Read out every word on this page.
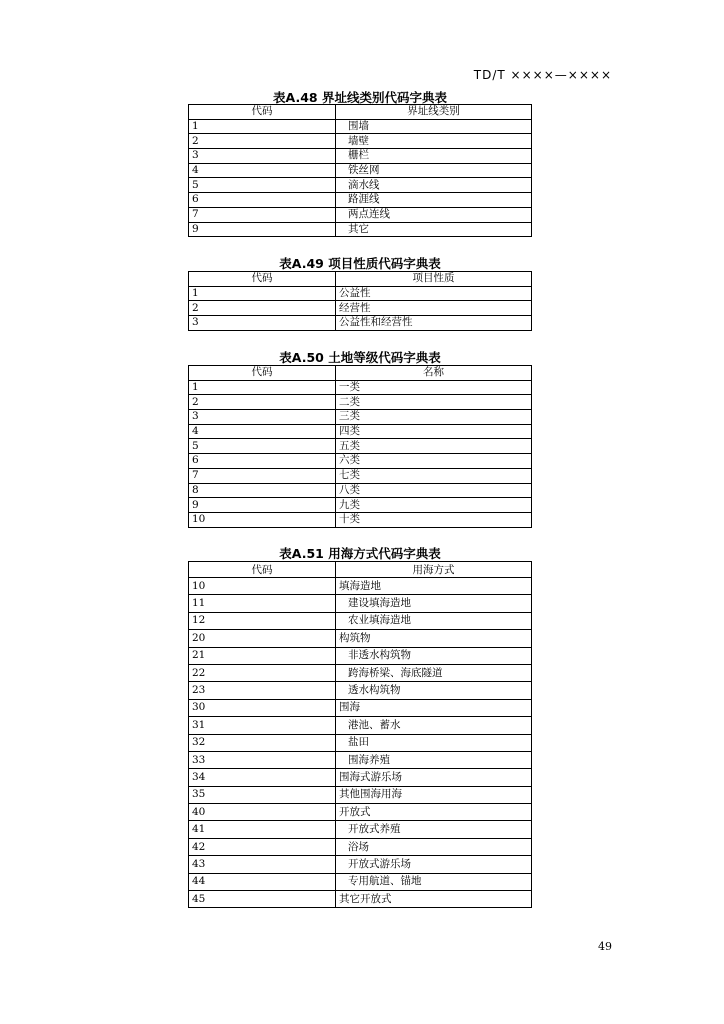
TD/T ××××—××××
表A.48 界址线类别代码字典表
代码	界址线类别
1	围墙
2	墙壁
3	栅栏
4	铁丝网
5	滴水线
6	路涯线
7	两点连线
9	其它
表A.49 项目性质代码字典表
代码	项目性质
1	公益性
2	经营性
3	公益性和经营性
表A.50 土地等级代码字典表
代码	名称
1	一类
2	二类
3	三类
4	四类
5	五类
6	六类
7	七类
8	八类
9	九类
10	十类
表A.51 用海方式代码字典表
代码	用海方式
10	填海造地
11	建设填海造地
12	农业填海造地
20	构筑物
21	非透水构筑物
22	跨海桥梁、海底隧道
23	透水构筑物
30	围海
31	港池、蓄水
32	盐田
33	围海养殖
34	围海式游乐场
35	其他围海用海
40	开放式
41	开放式养殖
42	浴场
43	开放式游乐场
44	专用航道、锚地
45	其它开放式
49
